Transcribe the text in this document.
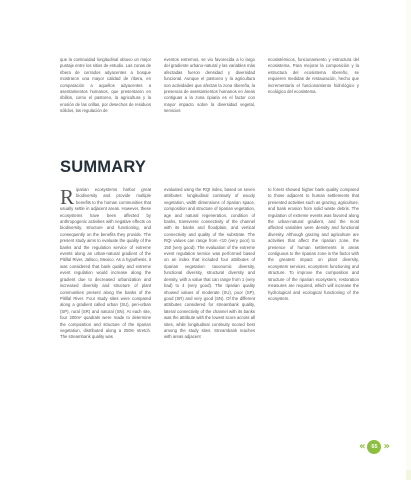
que la continuidad longitudinal obtuvo un mejor puntaje entre los sitios de estudio. Las zonas de ribera de cerrados adyacentes a bosque mostraron una mayor calidad de ribera, en comparación a aquellos adyacentes a asentamientos humanos, que presentaron en ribillos, como el pastoreo, la agricultura y la erosión de las orillas, por desechos de residuos sólidos, las regulación de
eventos extremos, se vio favorecida a lo largo del gradiente urbano-natural y las variables más afectadas fueron densidad y diversidad funcional. Aunque el pastoreo y la agricultura son actividades que afectan la zona ribereña, la presencia de asentamientos humanos en áreas contiguas a la zona ripiaria es el factor con mayor impacto sobre la diversidad vegetal, servicios
ecosistémicos, funcionamiento y estructura del ecosistema. Para mejorar la composición y la estructura del ecosistema ribereño, se requieren medidas de restauración, hecho que incrementaría el funcionamiento hidrológico y ecológico del ecosistema.
SUMMARY
Riparian ecosystems harbor great biodiversity and provide multiple benefits to the human communities that usually settle in adjacent areas. However, these ecosystems have been affected by anthropogenic activities with negative effects on biodiversity, structure and functioning, and consequently on the benefits they provide. The present study aims to evaluate the quality of the banks and the regulation service of extreme events along an urban-natural gradient of the Pitillal River, Jalisco, Mexico. As a hypothesis, it was considered that bank quality and extreme event regulation would increase along the gradient due to decreased urbanization and increased diversity and structure of plant communities present along the banks of the Pitillal River. Four study sites were compared along a gradient called urban (SU), peri-urban (SP), rural (SR) and natural (SN). At each site, four 200m² quadrats were made to determine the composition and structure of the riparian vegetation, distributed along a 250m stretch. The streambank quality was
evaluated using the RQI index, based on seven attributes: longitudinal continuity of woody vegetation, width dimensions of riparian space, composition and structure of riparian vegetation, age and natural regeneration, condition of banks, transverse connectivity of the channel with its banks and floodplain, and vertical connectivity and quality of the substrate. The RQI values can range from <10 (very poor) to 150 (very good). The evaluation of the extreme event regulation service was performed based on an index that included four attributes of riparian vegetation: taxonomic diversity, functional diversity, structural diversity and density, with a value that can range from 1 (very bad) to 4 (very good). The riparian quality showed values of moderate (SU), poor (SP), good (SR) and very good (SN). Of the different attributes considered for streambank quality, lateral connectivity of the channel with its banks was the attribute with the lowest score across all sites, while longitudinal continuity scored best among the study sites. Streambank reaches with areas adjacent
to forest showed higher bank quality compared to those adjacent to human settlements that presented activities such as grazing, agriculture, and bank erosion from solid waste debris. The regulation of extreme events was favored along the urban-natural gradient, and the most affected variables were density and functional diversity. Although grazing and agriculture are activities that affect the riparian zone, the presence of human settlements in areas contiguous to the riparian zone is the factor with the greatest impact on plant diversity, ecosystem services, ecosystem functioning and structure. To improve the composition and structure of the riparian ecosystem, restoration measures are required, which will increase the hydrological and ecological functioning of the ecosystem.
«	65 »
